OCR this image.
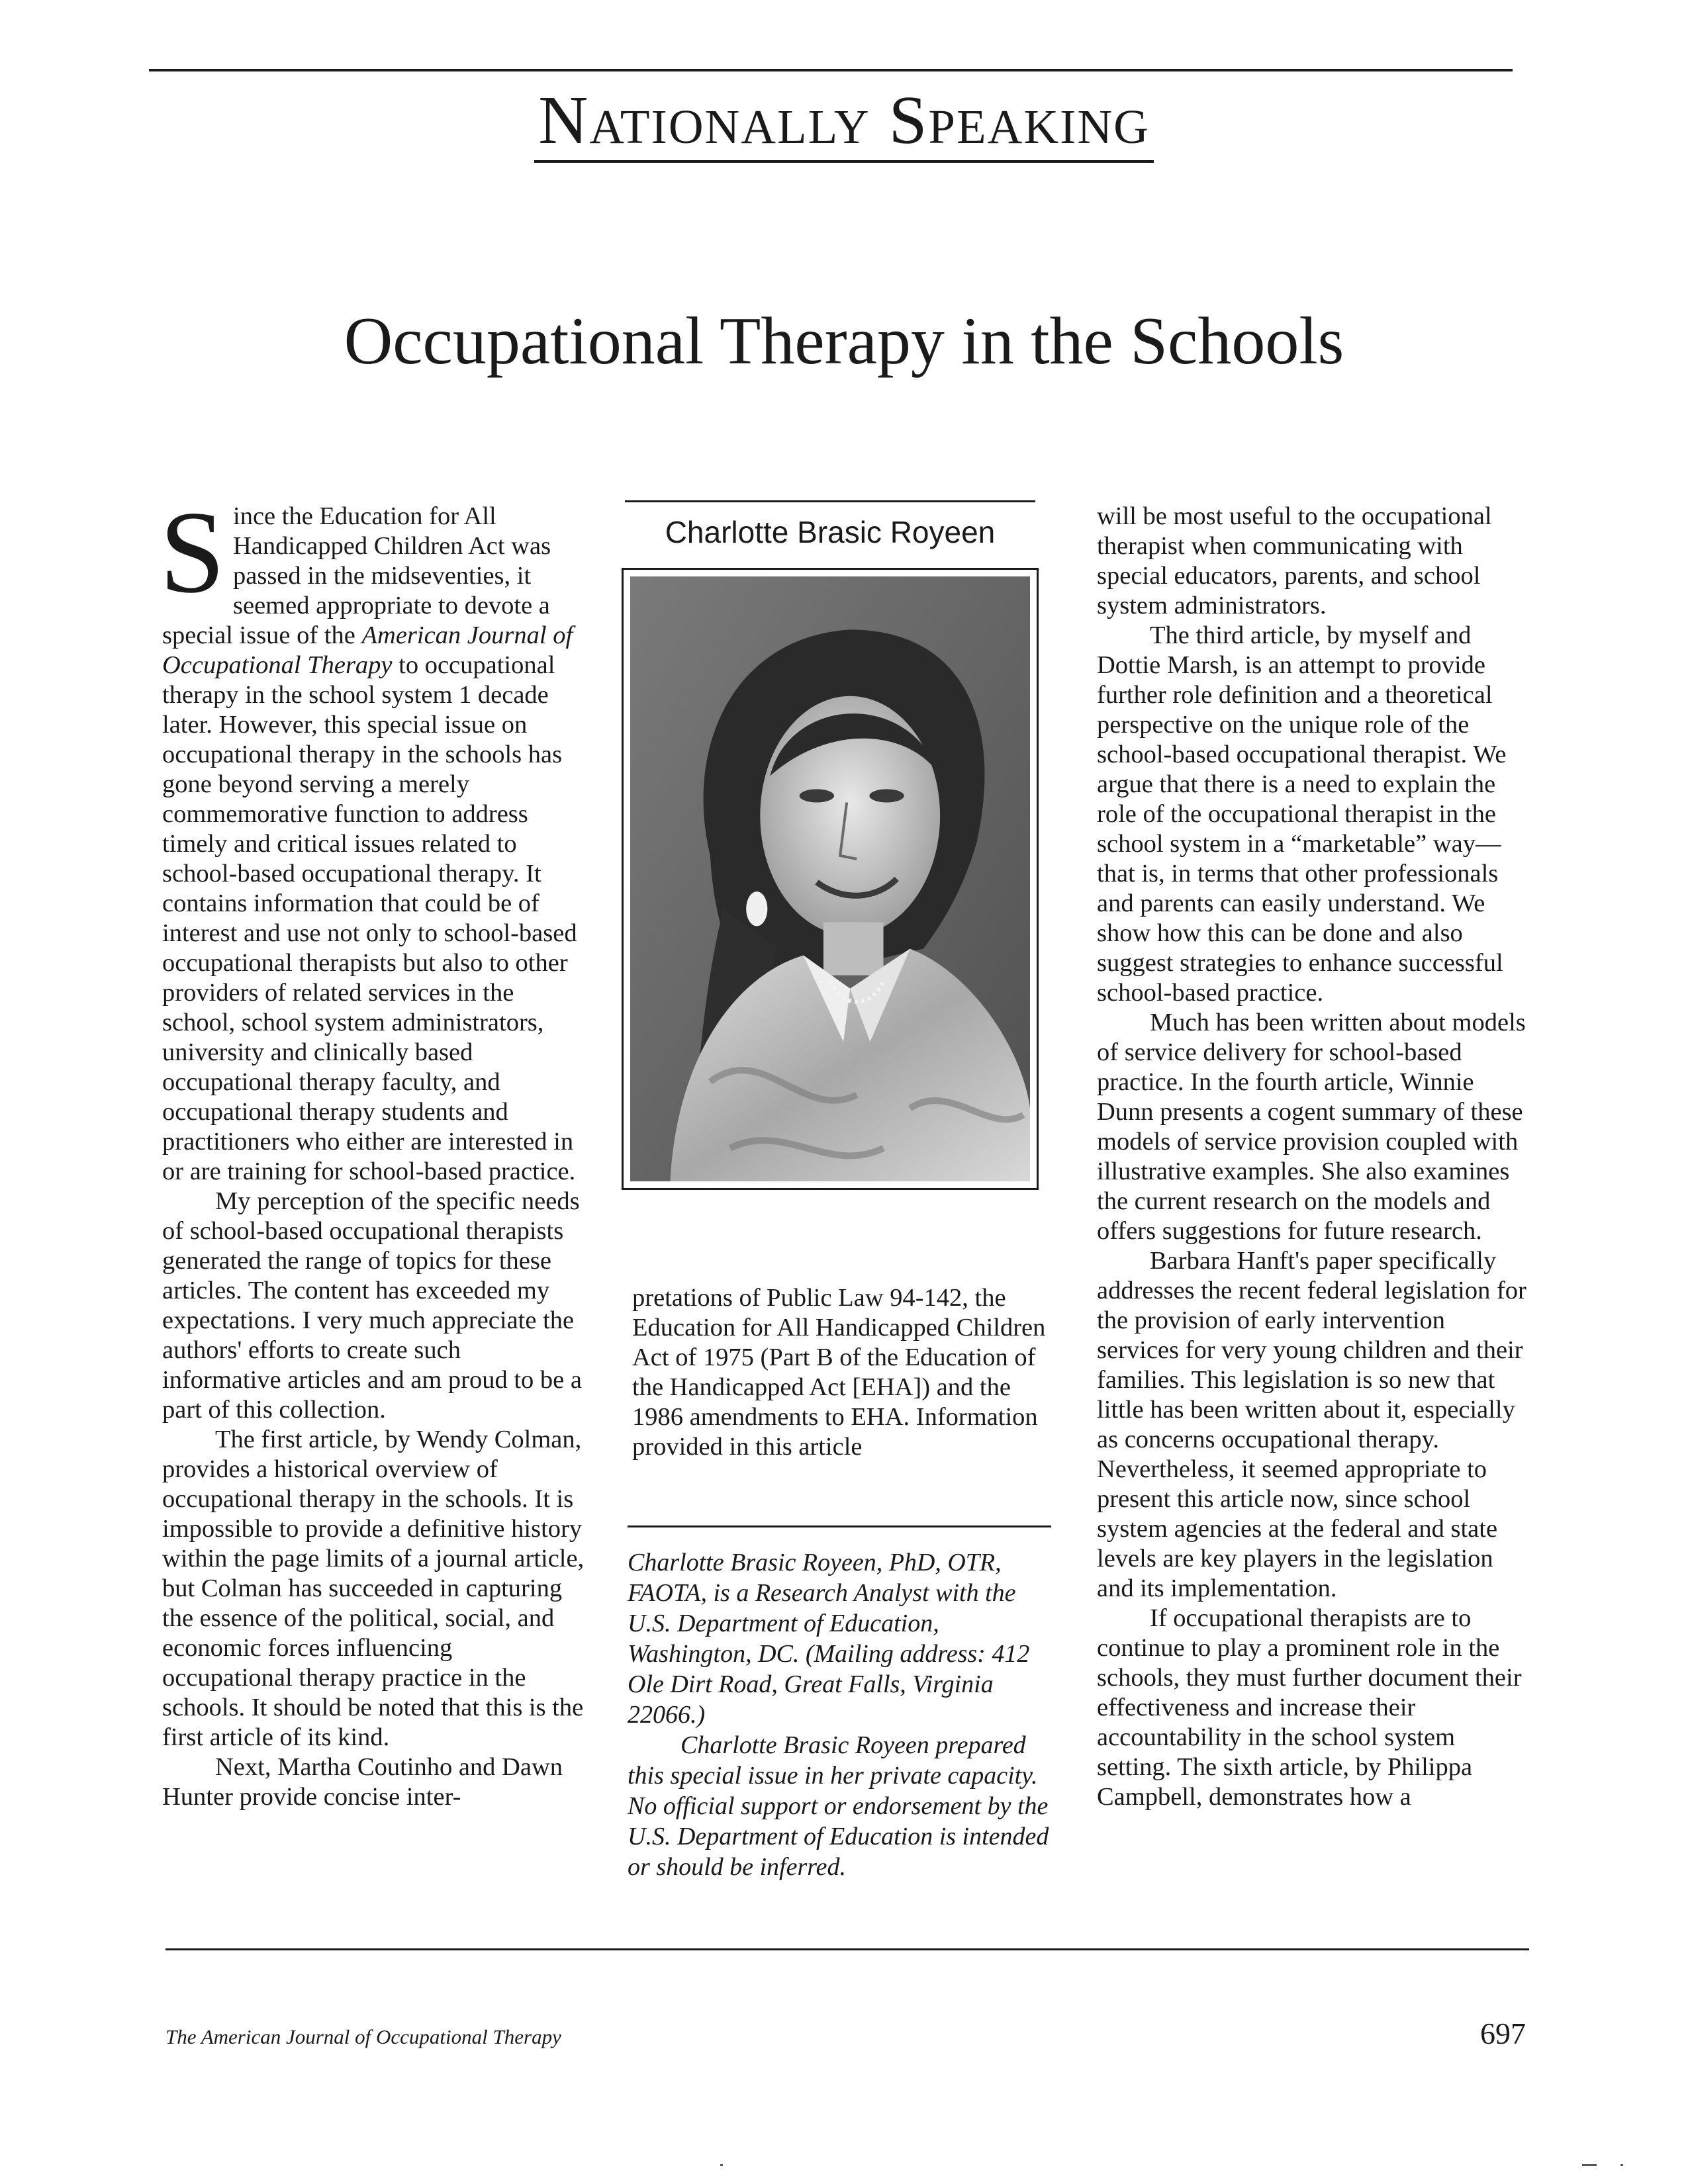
Nationally Speaking
Occupational Therapy in the Schools

Since the Education for All Handicapped Children Act was passed in the midseventies, it seemed appropriate to devote a special issue of the American Journal of Occupational Therapy to occupational therapy in the school system 1 decade later. However, this special issue on occupational therapy in the schools has gone beyond serving a merely commemorative function to address timely and critical issues related to school-based occupational therapy. It contains information that could be of interest and use not only to school-based occupational therapists but also to other providers of related services in the school, school system administrators, university and clinically based occupational therapy faculty, and occupational therapy students and practitioners who either are interested in or are training for school-based practice.

My perception of the specific needs of school-based occupational therapists generated the range of topics for these articles. The content has exceeded my expectations. I very much appreciate the authors' efforts to create such informative articles and am proud to be a part of this collection.

The first article, by Wendy Colman, provides a historical overview of occupational therapy in the schools. It is impossible to provide a definitive history within the page limits of a journal article, but Colman has succeeded in capturing the essence of the political, social, and economic forces influencing occupational therapy practice in the schools. It should be noted that this is the first article of its kind.

Next, Martha Coutinho and Dawn Hunter provide concise inter-

Charlotte Brasic Royeen

pretations of Public Law 94-142, the Education for All Handicapped Children Act of 1975 (Part B of the Education of the Handicapped Act [EHA]) and the 1986 amendments to EHA. Information provided in this article

Charlotte Brasic Royeen, PhD, OTR, FAOTA, is a Research Analyst with the U.S. Department of Education, Washington, DC. (Mailing address: 412 Ole Dirt Road, Great Falls, Virginia 22066.)

Charlotte Brasic Royeen prepared this special issue in her private capacity. No official support or endorsement by the U.S. Department of Education is intended or should be inferred.

will be most useful to the occupational therapist when communicating with special educators, parents, and school system administrators.

The third article, by myself and Dottie Marsh, is an attempt to provide further role definition and a theoretical perspective on the unique role of the school-based occupational therapist. We argue that there is a need to explain the role of the occupational therapist in the school system in a “marketable” way—that is, in terms that other professionals and parents can easily understand. We show how this can be done and also suggest strategies to enhance successful school-based practice.

Much has been written about models of service delivery for school-based practice. In the fourth article, Winnie Dunn presents a cogent summary of these models of service provision coupled with illustrative examples. She also examines the current research on the models and offers suggestions for future research.

Barbara Hanft's paper specifically addresses the recent federal legislation for the provision of early intervention services for very young children and their families. This legislation is so new that little has been written about it, especially as concerns occupational therapy. Nevertheless, it seemed appropriate to present this article now, since school system agencies at the federal and state levels are key players in the legislation and its implementation.

If occupational therapists are to continue to play a prominent role in the schools, they must further document their effectiveness and increase their accountability in the school system setting. The sixth article, by Philippa Campbell, demonstrates how a

The American Journal of Occupational Therapy	697
